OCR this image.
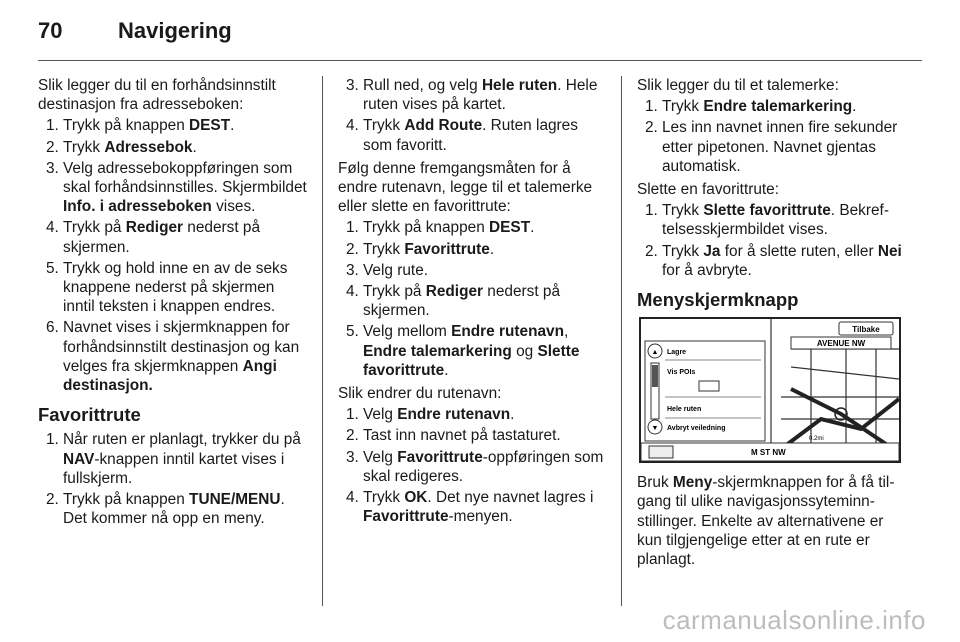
70	Navigering

Slik legger du til en forhåndsinnstilt destinasjon fra adresseboken:

1. Trykk på knappen DEST.
2. Trykk Adressebok.
3. Velg adressebokoppføringen som skal forhåndsinnstilles. Skjermbildet Info. i adresseboken vises.
4. Trykk på Rediger nederst på skjermen.
5. Trykk og hold inne en av de seks knappene nederst på skjermen inntil teksten i knappen endres.
6. Navnet vises i skjermknappen for forhåndsinnstilt destinasjon og kan velges fra skjermknappen Angi destinasjon.
Favorittrute
1. Når ruten er planlagt, trykker du på NAV-knappen inntil kartet vises i fullskjerm.
2. Trykk på knappen TUNE/MENU. Det kommer nå opp en meny.
3. Rull ned, og velg Hele ruten. Hele ruten vises på kartet.
4. Trykk Add Route. Ruten lagres som favoritt.

Følg denne fremgangsmåten for å endre rutenavn, legge til et talemerke eller slette en favorittrute:

1. Trykk på knappen DEST.
2. Trykk Favorittrute.
3. Velg rute.
4. Trykk på Rediger nederst på skjermen.
5. Velg mellom Endre rutenavn, Endre talemarkering og Slette favorittrute.

Slik endrer du rutenavn:

1. Velg Endre rutenavn.
2. Tast inn navnet på tastaturet.
3. Velg Favorittrute-oppføringen som skal redigeres.
4. Trykk OK. Det nye navnet lagres i Favorittrute-menyen.

Slik legger du til et talemerke:

1. Trykk Endre talemarkering.
2. Les inn navnet innen fire sekunder etter pipetonen. Navnet gjentas automatisk.

Slette en favorittrute:

1. Trykk Slette favorittrute. Bekreftelsesskjermbildet vises.
2. Trykk Ja for å slette ruten, eller Nei for å avbryte.
Menyskjermknapp
Tilbake
AVENUE NW
▲
▼
Lagre
Vis POIs
Hele ruten
Avbryt veiledning
M ST NW
0.2mi

Bruk Meny-skjermknappen for å få tilgang til ulike navigasjonssyteminnstillinger. Enkelte av alternativene er kun tilgjengelige etter at en rute er planlagt.

carmanualsonline.info
